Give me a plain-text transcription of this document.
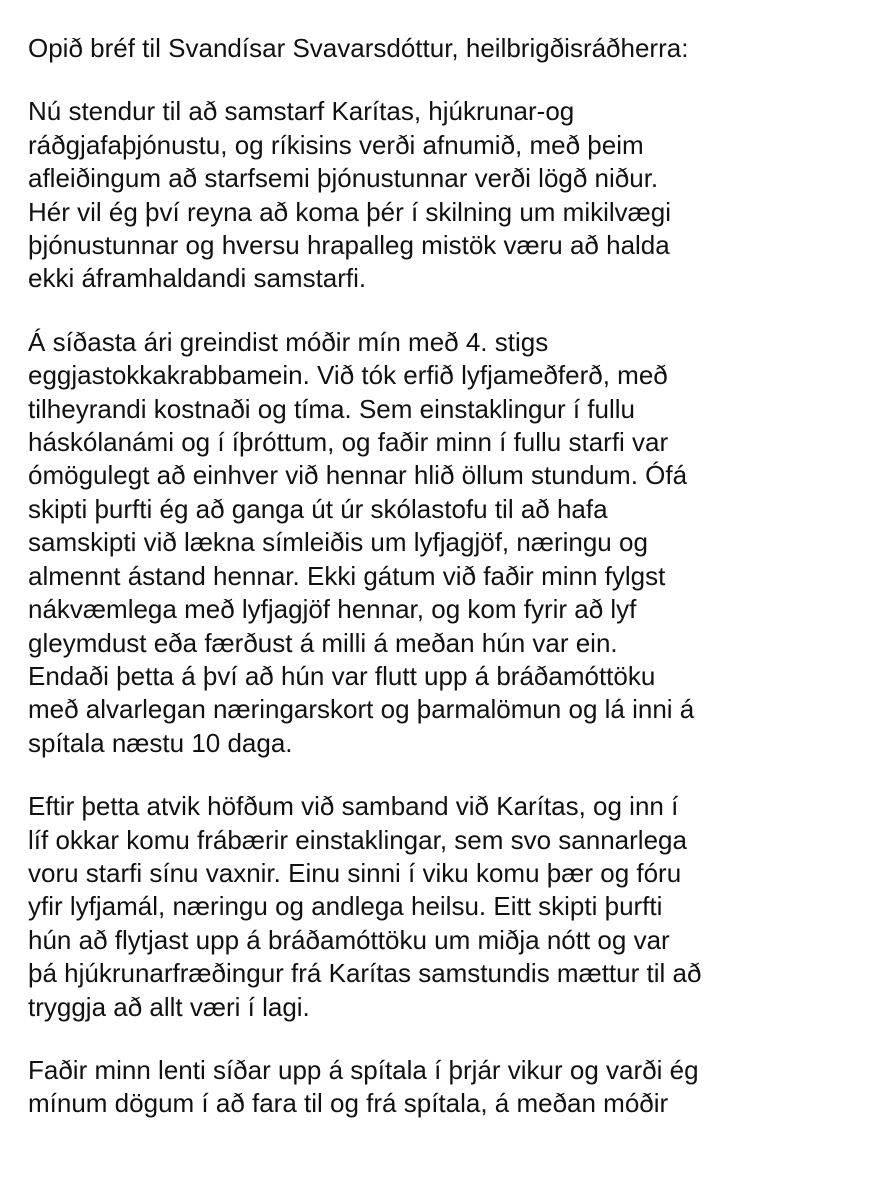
Opið bréf til Svandísar Svavarsdóttur, heilbrigðisráðherra:

Nú stendur til að samstarf Karítas, hjúkrunar-og
ráðgjafaþjónustu, og ríkisins verði afnumið, með þeim
afleiðingum að starfsemi þjónustunnar verði lögð niður.
Hér vil ég því reyna að koma þér í skilning um mikilvægi
þjónustunnar og hversu hrapalleg mistök væru að halda
ekki áframhaldandi samstarfi.

Á síðasta ári greindist móðir mín með 4. stigs
eggjastokkakrabbamein. Við tók erfið lyfjameðferð, með
tilheyrandi kostnaði og tíma. Sem einstaklingur í fullu
háskólanámi og í íþróttum, og faðir minn í fullu starfi var
ómögulegt að einhver við hennar hlið öllum stundum. Ófá
skipti þurfti ég að ganga út úr skólastofu til að hafa
samskipti við lækna símleiðis um lyfjagjöf, næringu og
almennt ástand hennar. Ekki gátum við faðir minn fylgst
nákvæmlega með lyfjagjöf hennar, og kom fyrir að lyf
gleymdust eða færðust á milli á meðan hún var ein.
Endaði þetta á því að hún var flutt upp á bráðamóttöku
með alvarlegan næringarskort og þarmalömun og lá inni á
spítala næstu 10 daga.

Eftir þetta atvik höfðum við samband við Karítas, og inn í
líf okkar komu frábærir einstaklingar, sem svo sannarlega
voru starfi sínu vaxnir. Einu sinni í viku komu þær og fóru
yfir lyfjamál, næringu og andlega heilsu. Eitt skipti þurfti
hún að flytjast upp á bráðamóttöku um miðja nótt og var
þá hjúkrunarfræðingur frá Karítas samstundis mættur til að
tryggja að allt væri í lagi.

Faðir minn lenti síðar upp á spítala í þrjár vikur og varði ég
mínum dögum í að fara til og frá spítala, á meðan móðir
